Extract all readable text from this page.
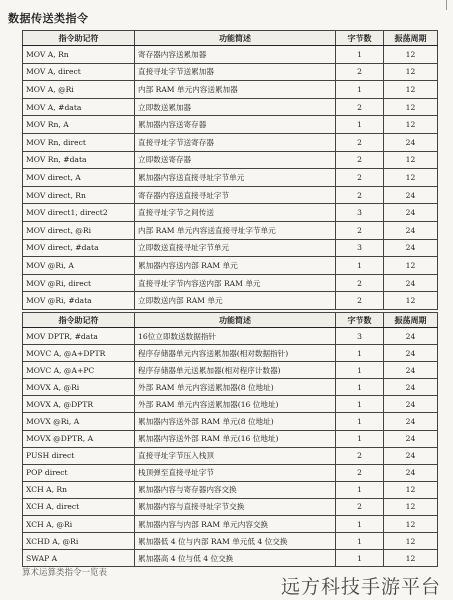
数据传送类指令
指令助记符	功能简述	字节数	振荡周期
MOV A, Rn	寄存器内容送累加器	1	12
MOV A, direct	直接寻址字节送累加器	2	12
MOV A, @Ri	内部 RAM 单元内容送累加器	1	12
MOV A, #data	立即数送累加器	2	12
MOV Rn, A	累加器内容送寄存器	1	12
MOV Rn, direct	直接寻址字节送寄存器	2	24
MOV Rn, #data	立即数送寄存器	2	12
MOV direct, A	累加器内容送直接寻址字节单元	2	12
MOV direct, Rn	寄存器内容送直接寻址字节	2	24
MOV direct1, direct2	直接寻址字节之间传送	3	24
MOV direct, @Ri	内部 RAM 单元内容送直接寻址字节单元	2	24
MOV direct, #data	立即数送直接寻址字节单元	3	24
MOV @Ri, A	累加器内容送内部 RAM 单元	1	12
MOV @Ri, direct	直接寻址字节内容送内部 RAM 单元	2	24
MOV @Ri, #data	立即数送内部 RAM 单元	2	12
指令助记符	功能简述	字节数	振荡周期
MOV DPTR, #data	16位立即数送数据指针	3	24
MOVC A, @A+DPTR	程序存储器单元内容送累加器(相对数据指针)	1	24
MOVC A, @A+PC	程序存储器单元送累加器(相对程序计数器)	1	24
MOVX A, @Ri	外部 RAM 单元内容送累加器(8 位地址)	1	24
MOVX A, @DPTR	外部 RAM 单元内容送累加器(16 位地址)	1	24
MOVX @Ri, A	累加器内容送外部 RAM 单元(8 位地址)	1	24
MOVX @DPTR, A	累加器内容送外部 RAM 单元(16 位地址)	1	24
PUSH direct	直接寻址字节压入栈顶	2	24
POP direct	栈顶弹至直接寻址字节	2	24
XCH A, Rn	累加器内容与寄存器内容交换	1	12
XCH A, direct	累加器内容与直接寻址字节交换	2	12
XCH A, @Ri	累加器内容与内部 RAM 单元内容交换	1	12
XCHD A, @Ri	累加器低 4 位与内部 RAM 单元低 4 位交换	1	12
SWAP A	累加器高 4 位与低 4 位交换	1	12
算术运算类指令一览表
远方科技手游平台
